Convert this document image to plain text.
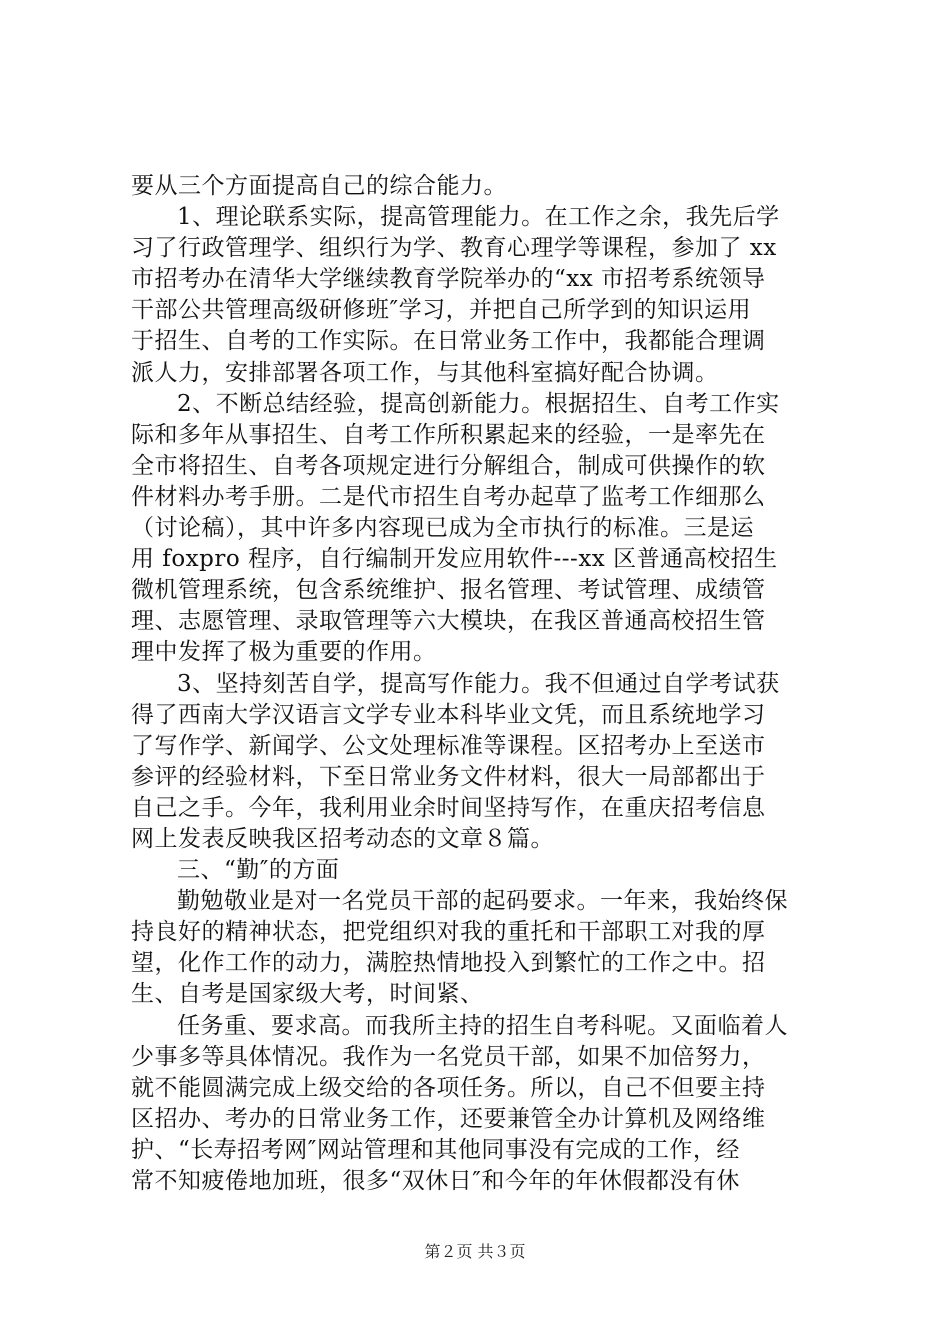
要从三个方面提高自己的综合能力。
1、理论联系实际，提高管理能力。在工作之余，我先后学
习了行政管理学、组织行为学、教育心理学等课程，参加了 xx
市招考办在清华大学继续教育学院举办的“xx 市招考系统领导
干部公共管理高级研修班″学习，并把自己所学到的知识运用
于招生、自考的工作实际。在日常业务工作中，我都能合理调
派人力，安排部署各项工作，与其他科室搞好配合协调。
2、不断总结经验，提高创新能力。根据招生、自考工作实
际和多年从事招生、自考工作所积累起来的经验，一是率先在
全市将招生、自考各项规定进行分解组合，制成可供操作的软
件材料办考手册。二是代市招生自考办起草了监考工作细那么
（讨论稿），其中许多内容现已成为全市执行的标准。三是运
用 foxpro 程序，自行编制开发应用软件---xx 区普通高校招生
微机管理系统，包含系统维护、报名管理、考试管理、成绩管
理、志愿管理、录取管理等六大模块，在我区普通高校招生管
理中发挥了极为重要的作用。
3、坚持刻苦自学，提高写作能力。我不但通过自学考试获
得了西南大学汉语言文学专业本科毕业文凭，而且系统地学习
了写作学、新闻学、公文处理标准等课程。区招考办上至送市
参评的经验材料，下至日常业务文件材料，很大一局部都出于
自己之手。今年，我利用业余时间坚持写作，在重庆招考信息
网上发表反映我区招考动态的文章８篇。
三、“勤″的方面
勤勉敬业是对一名党员干部的起码要求。一年来，我始终保
持良好的精神状态，把党组织对我的重托和干部职工对我的厚
望，化作工作的动力，满腔热情地投入到繁忙的工作之中。招
生、自考是国家级大考，时间紧、
任务重、要求高。而我所主持的招生自考科呢。又面临着人
少事多等具体情况。我作为一名党员干部，如果不加倍努力，
就不能圆满完成上级交给的各项任务。所以，自己不但要主持
区招办、考办的日常业务工作，还要兼管全办计算机及网络维
护、“长寿招考网″网站管理和其他同事没有完成的工作，经
常不知疲倦地加班，很多“双休日″和今年的年休假都没有休
第２页 共３页
